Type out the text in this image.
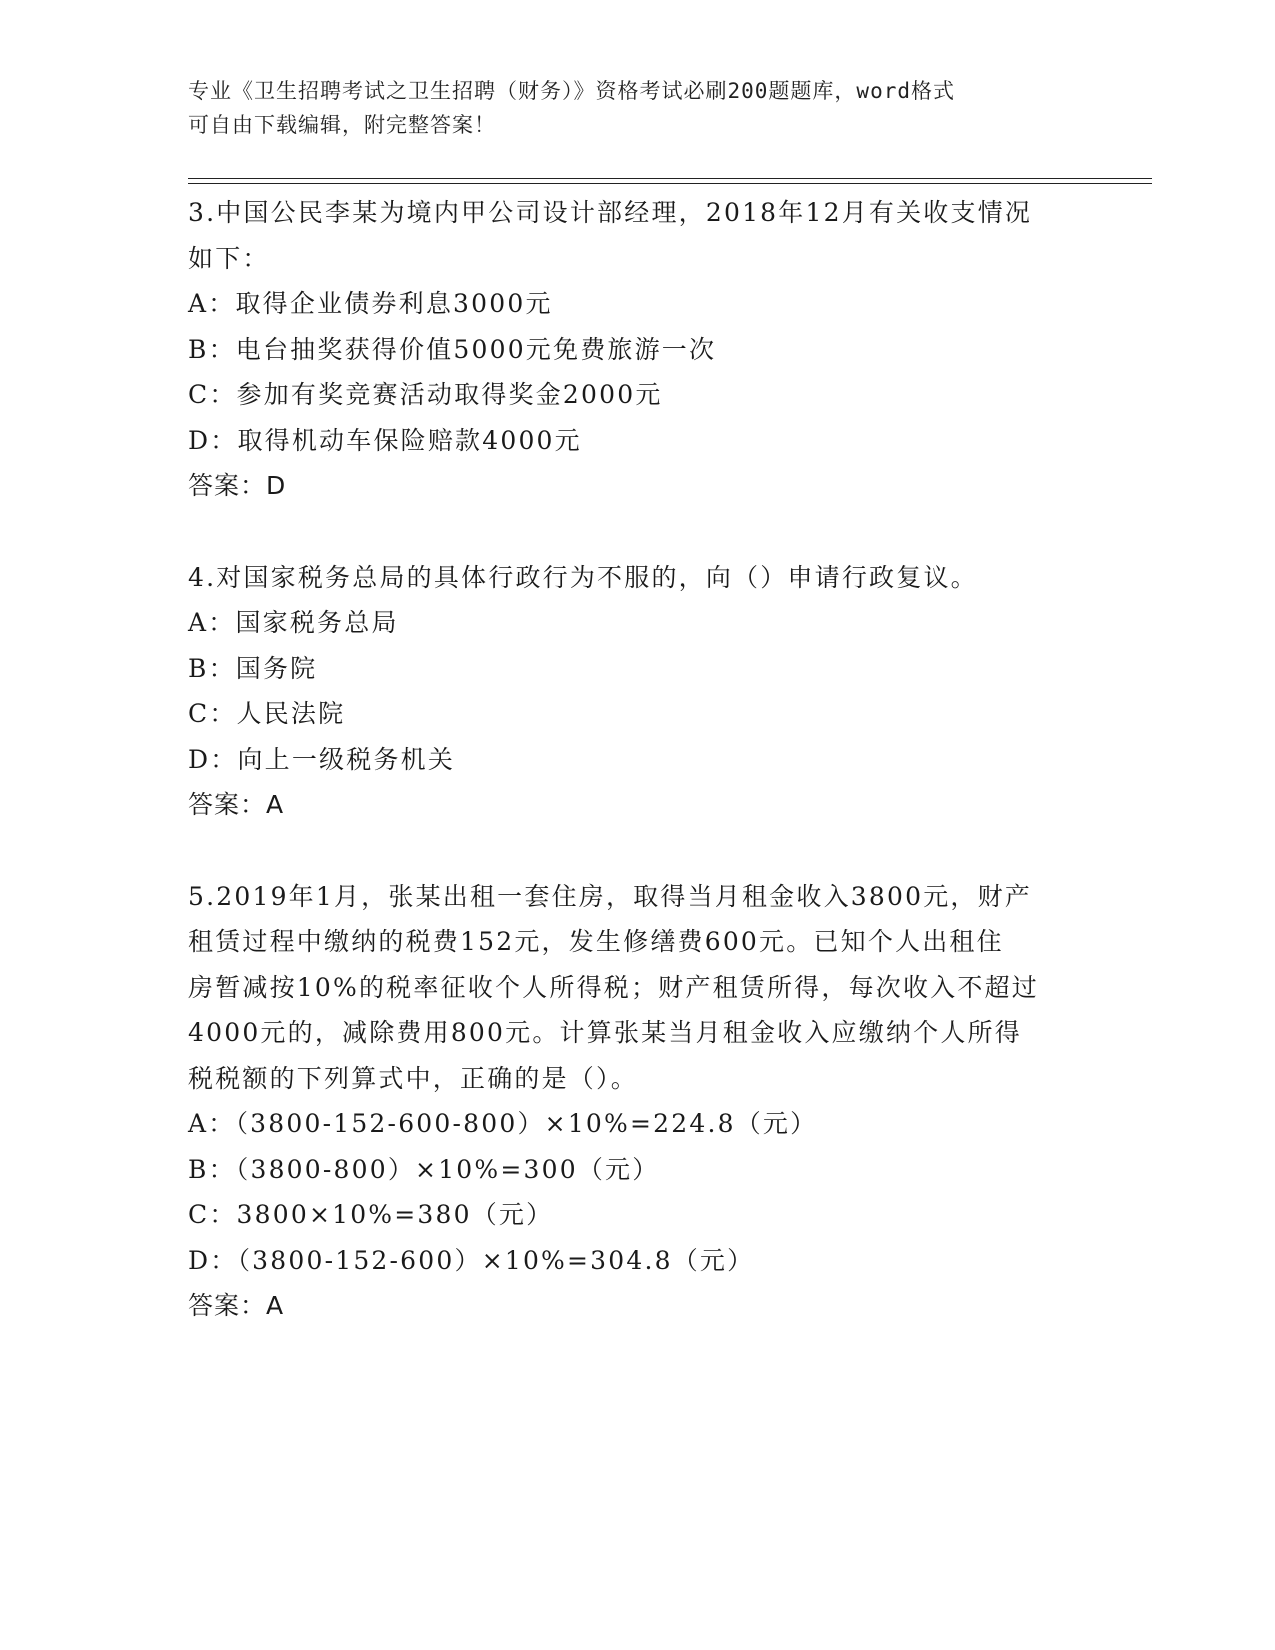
专业《卫生招聘考试之卫生招聘（财务）》资格考试必刷200题题库，word格式
可自由下载编辑，附完整答案！
3.中国公民李某为境内甲公司设计部经理，2018年12月有关收支情况
如下：
A：取得企业债券利息3000元
B：电台抽奖获得价值5000元免费旅游一次
C：参加有奖竞赛活动取得奖金2000元
D：取得机动车保险赔款4000元
答案：D
4.对国家税务总局的具体行政行为不服的，向（）申请行政复议。
A：国家税务总局
B：国务院
C：人民法院
D：向上一级税务机关
答案：A
5.2019年1月，张某出租一套住房，取得当月租金收入3800元，财产
租赁过程中缴纳的税费152元，发生修缮费600元。已知个人出租住
房暂减按10%的税率征收个人所得税；财产租赁所得，每次收入不超过
4000元的，减除费用800元。计算张某当月租金收入应缴纳个人所得
税税额的下列算式中，正确的是（）。
A：（3800-152-600-800）×10%=224.8（元）
B：（3800-800）×10%=300（元）
C：3800×10%=380（元）
D：（3800-152-600）×10%=304.8（元）
答案：A
